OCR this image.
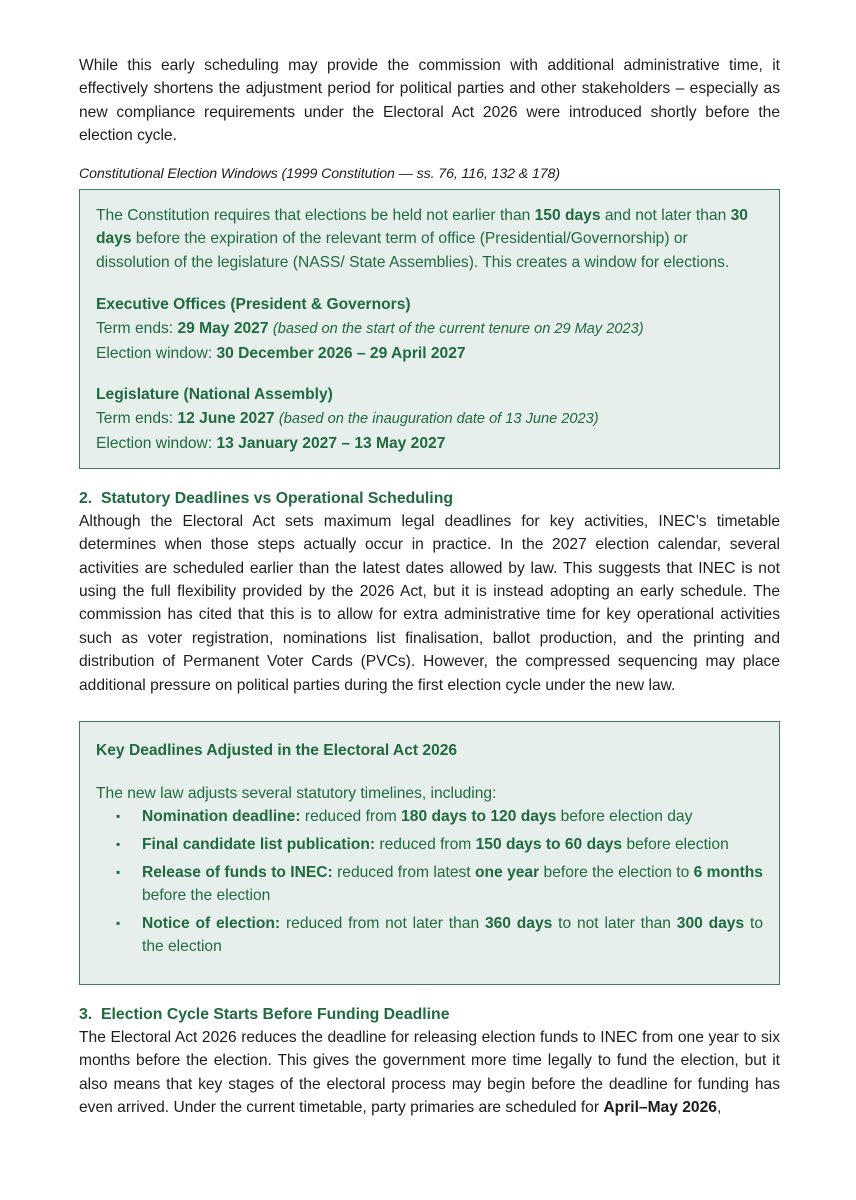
While this early scheduling may provide the commission with additional administrative time, it effectively shortens the adjustment period for political parties and other stakeholders – especially as new compliance requirements under the Electoral Act 2026 were introduced shortly before the election cycle.

Constitutional Election Windows (1999 Constitution — ss. 76, 116, 132 & 178)

The Constitution requires that elections be held not earlier than 150 days and not later than 30 days before the expiration of the relevant term of office (Presidential/Governorship) or dissolution of the legislature (NASS/ State Assemblies). This creates a window for elections.

Executive Offices (President & Governors)

Term ends: 29 May 2027 (based on the start of the current tenure on 29 May 2023)

Election window: 30 December 2026 – 29 April 2027

Legislature (National Assembly)

Term ends: 12 June 2027 (based on the inauguration date of 13 June 2023)

Election window: 13 January 2027 – 13 May 2027

2. Statutory Deadlines vs Operational Scheduling

Although the Electoral Act sets maximum legal deadlines for key activities, INEC’s timetable determines when those steps actually occur in practice. In the 2027 election calendar, several activities are scheduled earlier than the latest dates allowed by law. This suggests that INEC is not using the full flexibility provided by the 2026 Act, but it is instead adopting an early schedule. The commission has cited that this is to allow for extra administrative time for key operational activities such as voter registration, nominations list finalisation, ballot production, and the printing and distribution of Permanent Voter Cards (PVCs). However, the compressed sequencing may place additional pressure on political parties during the first election cycle under the new law.

Key Deadlines Adjusted in the Electoral Act 2026

The new law adjusts several statutory timelines, including:

▪ Nomination deadline: reduced from 180 days to 120 days before election day
▪ Final candidate list publication: reduced from 150 days to 60 days before election
▪ Release of funds to INEC: reduced from latest one year before the election to 6 months before the election
▪ Notice of election: reduced from not later than 360 days to not later than 300 days to the election
3. Election Cycle Starts Before Funding Deadline

The Electoral Act 2026 reduces the deadline for releasing election funds to INEC from one year to six months before the election. This gives the government more time legally to fund the election, but it also means that key stages of the electoral process may begin before the deadline for funding has even arrived. Under the current timetable, party primaries are scheduled for April–May 2026,
